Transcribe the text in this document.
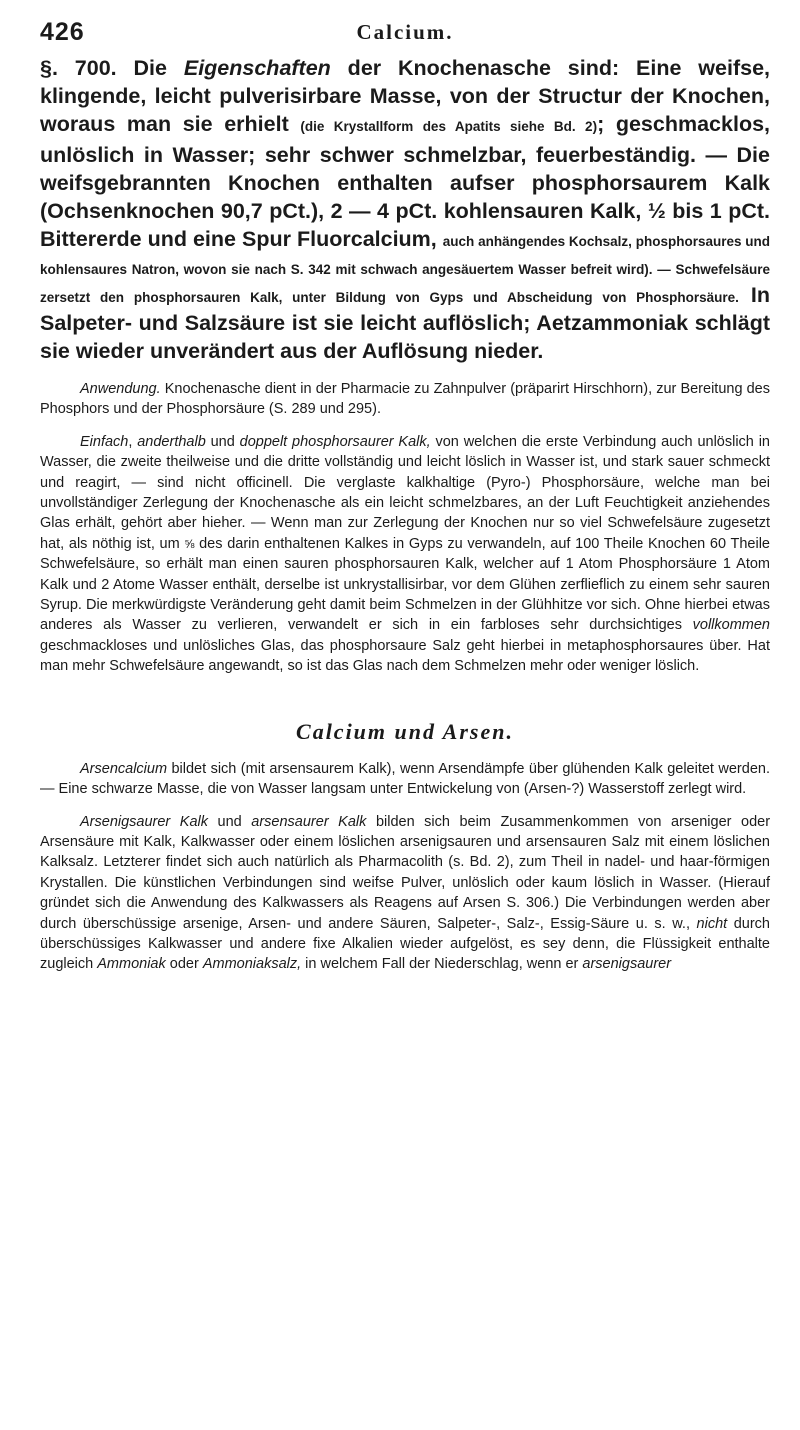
426	Calcium.

§. 700. Die Eigenschaften der Knochenasche sind: Eine weifse, klingende, leicht pulverisirbare Masse, von der Structur der Knochen, woraus man sie erhielt (die Krystallform des Apatits siehe Bd. 2); geschmacklos, unlöslich in Wasser; sehr schwer schmelzbar, feuerbeständig. — Die weifsgebrannten Knochen enthalten aufser phosphorsaurem Kalk (Ochsenknochen 90,7 pCt.), 2 — 4 pCt. kohlensauren Kalk, ½ bis 1 pCt. Bittererde und eine Spur Fluorcalcium, auch anhängendes Kochsalz, phosphorsaures und kohlensaures Natron, wovon sie nach S. 342 mit schwach angesäuertem Wasser befreit wird). — Schwefelsäure zersetzt den phosphorsauren Kalk, unter Bildung von Gyps und Abscheidung von Phosphorsäure. In Salpeter- und Salzsäure ist sie leicht auflöslich; Aetzammoniak schlägt sie wieder unverändert aus der Auflösung nieder.

Anwendung. Knochenasche dient in der Pharmacie zu Zahnpulver (präparirt Hirschhorn), zur Bereitung des Phosphors und der Phosphorsäure (S. 289 und 295).

Einfach, anderthalb und doppelt phosphorsaurer Kalk, von welchen die erste Verbindung auch unlöslich in Wasser, die zweite theilweise und die dritte vollständig und leicht löslich in Wasser ist, und stark sauer schmeckt und reagirt, — sind nicht officinell. Die verglaste kalkhaltige (Pyro-) Phosphorsäure, welche man bei unvollständiger Zerlegung der Knochenasche als ein leicht schmelzbares, an der Luft Feuchtigkeit anziehendes Glas erhält, gehört aber hieher. — Wenn man zur Zerlegung der Knochen nur so viel Schwefelsäure zugesetzt hat, als nöthig ist, um ⅝ des darin enthaltenen Kalkes in Gyps zu verwandeln, auf 100 Theile Knochen 60 Theile Schwefelsäure, so erhält man einen sauren phosphorsauren Kalk, welcher auf 1 Atom Phosphorsäure 1 Atom Kalk und 2 Atome Wasser enthält, derselbe ist unkrystallisirbar, vor dem Glühen zerflieflich zu einem sehr sauren Syrup. Die merkwürdigste Veränderung geht damit beim Schmelzen in der Glühhitze vor sich. Ohne hierbei etwas anderes als Wasser zu verlieren, verwandelt er sich in ein farbloses sehr durchsichtiges vollkommen geschmackloses und unlösliches Glas, das phosphorsaure Salz geht hierbei in metaphosphorsaures über. Hat man mehr Schwefelsäure angewandt, so ist das Glas nach dem Schmelzen mehr oder weniger löslich.

Calcium und Arsen.

Arsencalcium bildet sich (mit arsensaurem Kalk), wenn Arsendämpfe über glühenden Kalk geleitet werden. — Eine schwarze Masse, die von Wasser langsam unter Entwickelung von (Arsen-?) Wasserstoff zerlegt wird.

Arsenigsaurer Kalk und arsensaurer Kalk bilden sich beim Zusammenkommen von arseniger oder Arsensäure mit Kalk, Kalkwasser oder einem löslichen arsenigsauren und arsensauren Salz mit einem löslichen Kalksalz. Letzterer findet sich auch natürlich als Pharmacolith (s. Bd. 2), zum Theil in nadel- und haar-förmigen Krystallen. Die künstlichen Verbindungen sind weifse Pulver, unlöslich oder kaum löslich in Wasser. (Hierauf gründet sich die Anwendung des Kalkwassers als Reagens auf Arsen S. 306.) Die Verbindungen werden aber durch überschüssige arsenige, Arsen- und andere Säuren, Salpeter-, Salz-, Essig-Säure u. s. w., nicht durch überschüssiges Kalkwasser und andere fixe Alkalien wieder aufgelöst, es sey denn, die Flüssigkeit enthalte zugleich Ammoniak oder Ammoniaksalz, in welchem Fall der Niederschlag, wenn er arsenigsaurer
